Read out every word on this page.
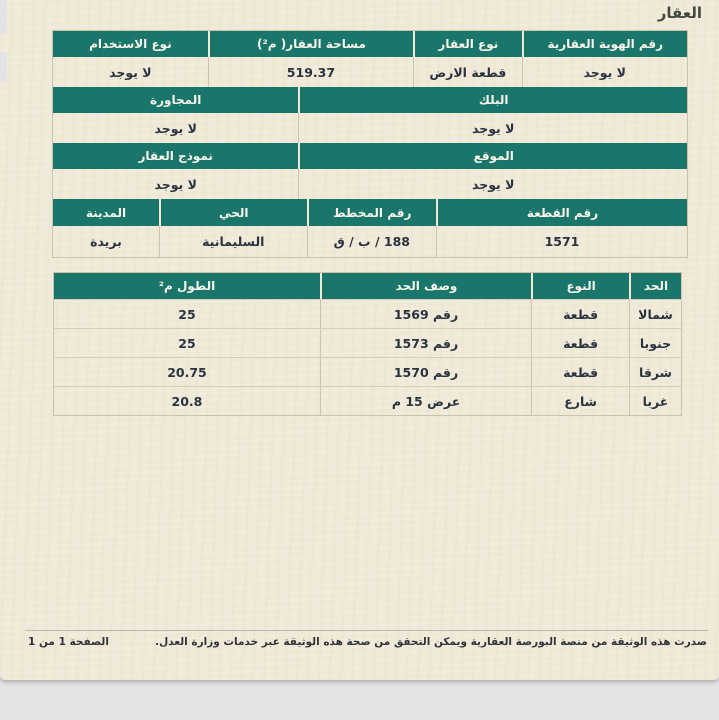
العقار
رقم الهوية العقارية
نوع العقار
مساحة العقار( م²)
نوع الاستخدام
لا يوجد
قطعة الارض
519.37
لا يوجد
البلك
المجاورة
لا يوجد
لا يوجد
الموقع
نموذج العقار
لا يوجد
لا يوجد
رقم القطعة
رقم المخطط
الحي
المدينة
1571
188 / ب / ق
السليمانية
بريدة
الحد
النوع
وصف الحد
الطول م²
شمالا
قطعة
رقم 1569
25
جنوبا
قطعة
رقم 1573
25
شرقا
قطعة
رقم 1570
20.75
غربا
شارع
عرض 15 م
20.8
صدرت هذه الوثيقة من منصة البورصة العقارية ويمكن التحقق من صحة هذه الوثيقة عبر خدمات وزارة العدل.
الصفحة 1 من 1
